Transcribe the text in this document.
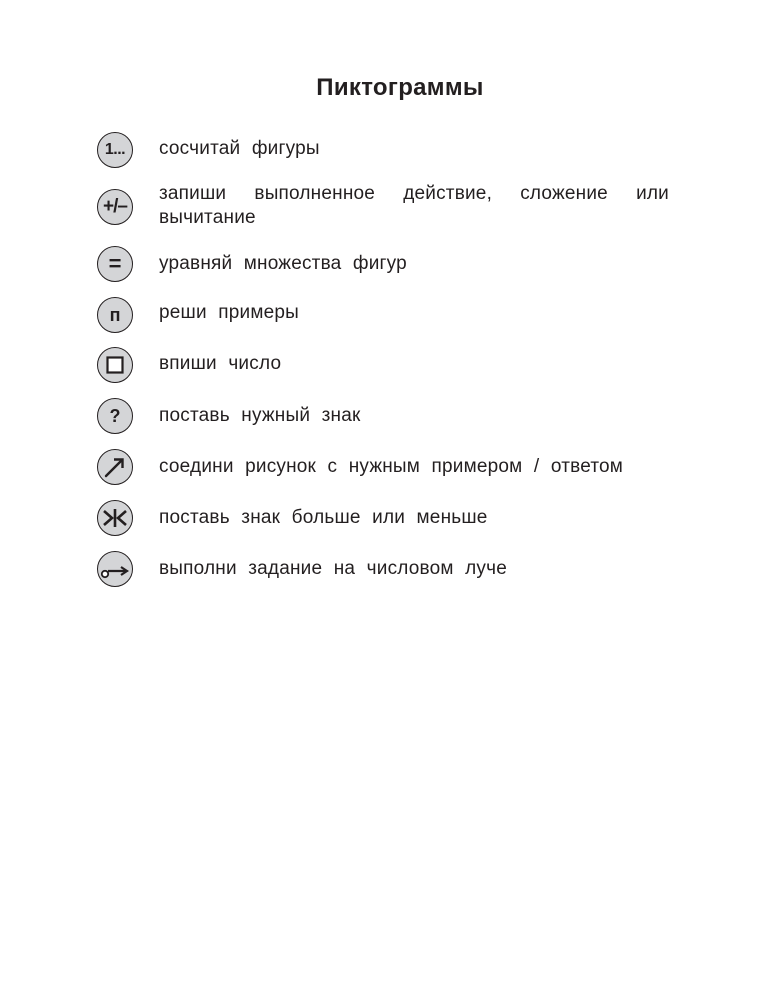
Пиктограммы
1... сосчитай фигуры
+/–
запиши выполненное действие, сложение или вычитание
= уравняй множества фигур
п реши примеры
впиши число
? поставь нужный знак
соедини рисунок с нужным примером / ответом
поставь знак больше или меньше
выполни задание на числовом луче
